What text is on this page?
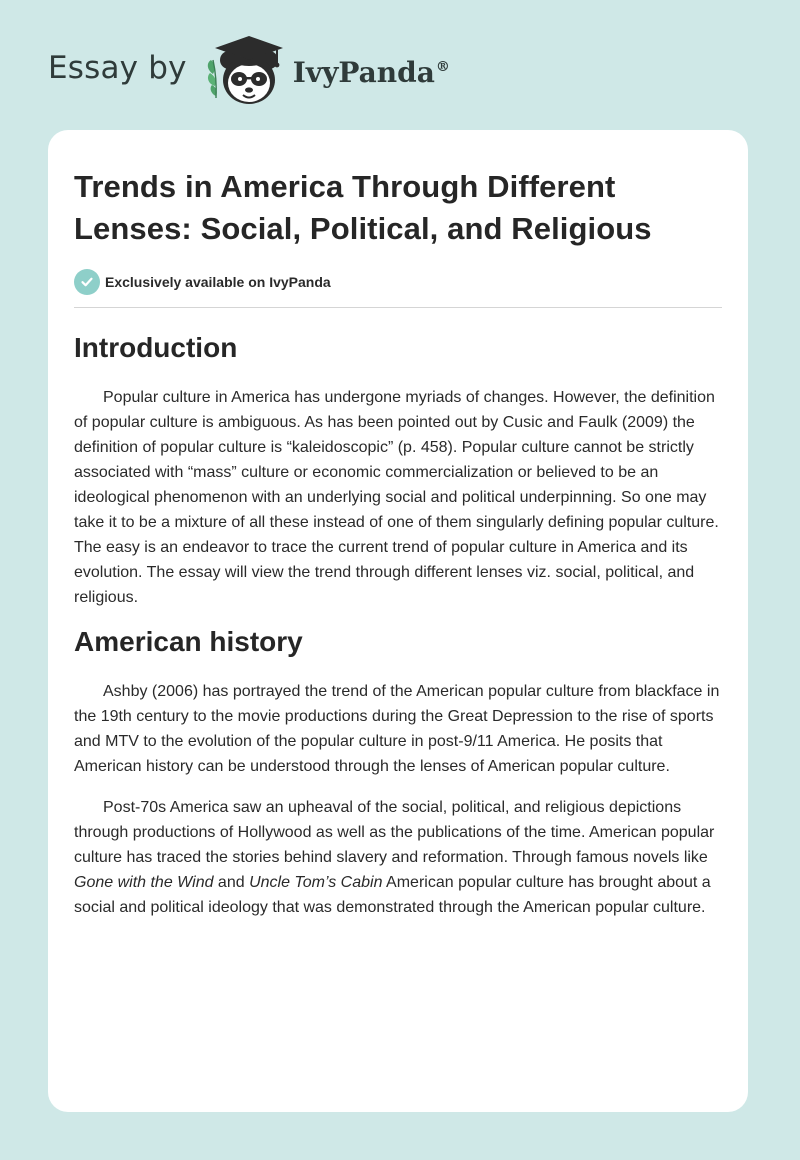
Essay by	IvyPanda®
Trends in America Through Different Lenses: Social, Political, and Religious
Exclusively available on IvyPanda
Introduction

Popular culture in America has undergone myriads of changes. However, the definition of popular culture is ambiguous. As has been pointed out by Cusic and Faulk (2009) the definition of popular culture is “kaleidoscopic” (p. 458). Popular culture cannot be strictly associated with “mass” culture or economic commercialization or believed to be an ideological phenomenon with an underlying social and political underpinning. So one may take it to be a mixture of all these instead of one of them singularly defining popular culture. The easy is an endeavor to trace the current trend of popular culture in America and its evolution. The essay will view the trend through different lenses viz. social, political, and religious.

American history

Ashby (2006) has portrayed the trend of the American popular culture from blackface in the 19th century to the movie productions during the Great Depression to the rise of sports and MTV to the evolution of the popular culture in post-9/11 America. He posits that American history can be understood through the lenses of American popular culture.

Post-70s America saw an upheaval of the social, political, and religious depictions through productions of Hollywood as well as the publications of the time. American popular culture has traced the stories behind slavery and reformation. Through famous novels like Gone with the Wind and Uncle Tom’s Cabin American popular culture has brought about a social and political ideology that was demonstrated through the American popular culture.
